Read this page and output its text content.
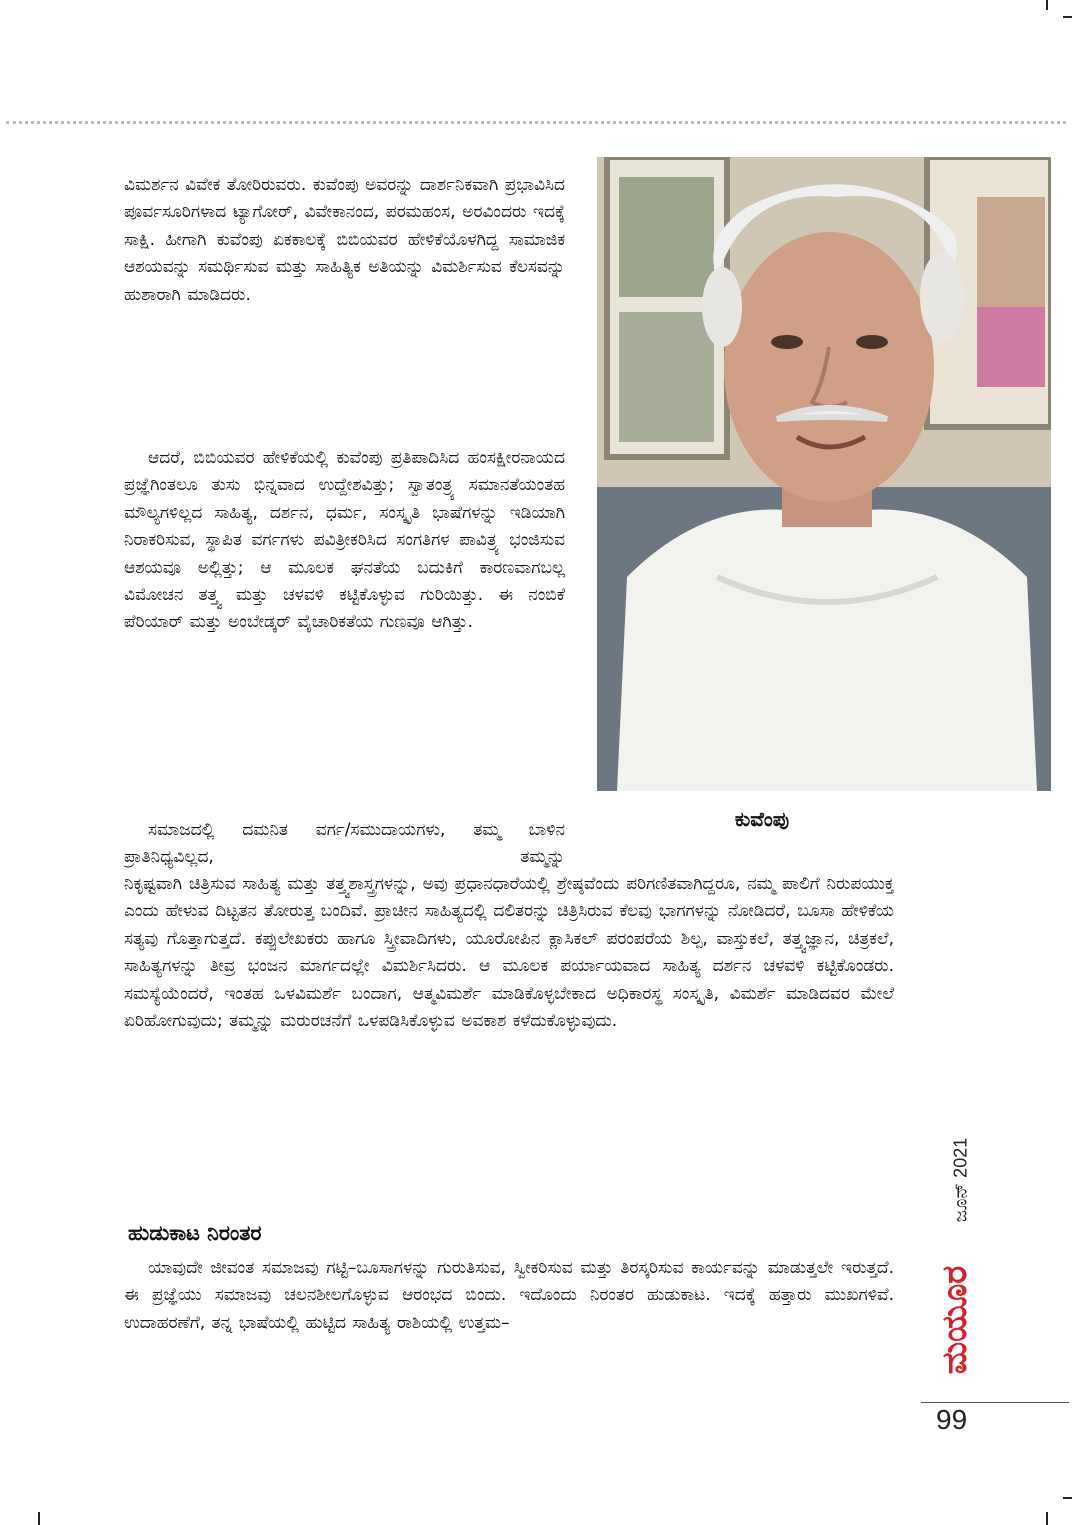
ವಿಮರ್ಶನ ವಿವೇಕ ತೋರಿರುವರು. ಕುವೆಂಪು ಅವರನ್ನು ದಾರ್ಶನಿಕವಾಗಿ ಪ್ರಭಾವಿಸಿದ ಪೂರ್ವಸೂರಿಗಳಾದ ಟ್ಯಾಗೋರ್, ವಿವೇಕಾನಂದ, ಪರಮಹಂಸ, ಅರವಿಂದರು ಇದಕ್ಕೆ ಸಾಕ್ಷಿ. ಹೀಗಾಗಿ ಕುವೆಂಪು ಏಕಕಾಲಕ್ಕೆ ಬಿಬಿಯವರ ಹೇಳಿಕೆಯೊಳಗಿದ್ದ ಸಾಮಾಜಿಕ ಆಶಯವನ್ನು ಸಮರ್ಥಿಸುವ ಮತ್ತು ಸಾಹಿತ್ಯಿಕ ಅತಿಯನ್ನು ವಿಮರ್ಶಿಸುವ ಕೆಲಸವನ್ನು ಹುಶಾರಾಗಿ ಮಾಡಿದರು.

ಆದರೆ, ಬಿಬಿಯವರ ಹೇಳಿಕೆಯಲ್ಲಿ ಕುವೆಂಪು ಪ್ರತಿಪಾದಿಸಿದ ಹಂಸಕ್ಷೀರನಾಯದ ಪ್ರಜ್ಞೆಗಿಂತಲೂ ತುಸು ಭಿನ್ನವಾದ ಉದ್ದೇಶವಿತ್ತು; ಸ್ವಾತಂತ್ರ್ಯ ಸಮಾನತೆಯಂತಹ ಮೌಲ್ಯಗಳಿಲ್ಲದ ಸಾಹಿತ್ಯ, ದರ್ಶನ, ಧರ್ಮ, ಸಂಸ್ಕೃತಿ ಭಾಷೆಗಳನ್ನು ಇಡಿಯಾಗಿ ನಿರಾಕರಿಸುವ, ಸ್ಥಾಪಿತ ವರ್ಗಗಳು ಪವಿತ್ರೀಕರಿಸಿದ ಸಂಗತಿಗಳ ಪಾವಿತ್ರ್ಯ ಭಂಜಿಸುವ ಆಶಯವೂ ಅಲ್ಲಿತ್ತು; ಆ ಮೂಲಕ ಘನತೆಯ ಬದುಕಿಗೆ ಕಾರಣವಾಗಬಲ್ಲ ವಿಮೋಚನ ತತ್ತ್ವ ಮತ್ತು ಚಳವಳಿ ಕಟ್ಟಿಕೊಳ್ಳುವ ಗುರಿಯಿತ್ತು. ಈ ನಂಬಿಕೆ ಪೆರಿಯಾರ್ ಮತ್ತು ಅಂಬೇಡ್ಕರ್ ವೈಚಾರಿಕತೆಯ ಗುಣವೂ ಆಗಿತ್ತು.

ಸಮಾಜದಲ್ಲಿ ದಮನಿತ ವರ್ಗ/ಸಮುದಾಯಗಳು, ತಮ್ಮ ಬಾಳಿನ ಪ್ರಾತಿನಿಧ್ಯವಿಲ್ಲದ, ತಮ್ಮನ್ನು

ನಿಕೃಷ್ಟವಾಗಿ ಚಿತ್ರಿಸುವ ಸಾಹಿತ್ಯ ಮತ್ತು ತತ್ತ್ವಶಾಸ್ತ್ರಗಳನ್ನು, ಅವು ಪ್ರಧಾನಧಾರೆಯಲ್ಲಿ ಶ್ರೇಷ್ಠವೆಂದು ಪರಿಗಣಿತವಾಗಿದ್ದರೂ, ನಮ್ಮ ಪಾಲಿಗೆ ನಿರುಪಯುಕ್ತ ಎಂದು ಹೇಳುವ ದಿಟ್ಟತನ ತೋರುತ್ತ ಬಂದಿವೆ. ಪ್ರಾಚೀನ ಸಾಹಿತ್ಯದಲ್ಲಿ ದಲಿತರನ್ನು ಚಿತ್ರಿಸಿರುವ ಕೆಲವು ಭಾಗಗಳನ್ನು ನೋಡಿದರೆ, ಬೂಸಾ ಹೇಳಿಕೆಯ ಸತ್ಯವು ಗೊತ್ತಾಗುತ್ತದೆ. ಕಪ್ಪುಲೇಖಕರು ಹಾಗೂ ಸ್ತ್ರೀವಾದಿಗಳು, ಯೂರೋಪಿನ ಕ್ಲಾಸಿಕಲ್ ಪರಂಪರೆಯ ಶಿಲ್ಪ, ವಾಸ್ತುಕಲೆ, ತತ್ತ್ವಜ್ಞಾನ, ಚಿತ್ರಕಲೆ, ಸಾಹಿತ್ಯಗಳನ್ನು ತೀವ್ರ ಭಂಜನ ಮಾರ್ಗದಲ್ಲೇ ವಿಮರ್ಶಿಸಿದರು. ಆ ಮೂಲಕ ಪರ್ಯಾಯವಾದ ಸಾಹಿತ್ಯ ದರ್ಶನ ಚಳವಳಿ ಕಟ್ಟಿಕೊಂಡರು. ಸಮಸ್ಯೆಯೆಂದರೆ, ಇಂತಹ ಒಳವಿಮರ್ಶೆ ಬಂದಾಗ, ಆತ್ಮವಿಮರ್ಶೆ ಮಾಡಿಕೊಳ್ಳಬೇಕಾದ ಅಧಿಕಾರಸ್ಥ ಸಂಸ್ಕೃತಿ, ವಿಮರ್ಶೆ ಮಾಡಿದವರ ಮೇಲೆ ಏರಿಹೋಗುವುದು; ತಮ್ಮನ್ನು ಮರುರಚನೆಗೆ ಒಳಪಡಿಸಿಕೊಳ್ಳುವ ಅವಕಾಶ ಕಳೆದುಕೊಳ್ಳುವುದು.

ಕುವೆಂಪು

ಹುಡುಕಾಟ ನಿರಂತರ

ಯಾವುದೇ ಜೀವಂತ ಸಮಾಜವು ಗಟ್ಟಿ–ಬೂಸಾಗಳನ್ನು ಗುರುತಿಸುವ, ಸ್ವೀಕರಿಸುವ ಮತ್ತು ತಿರಸ್ಕರಿಸುವ ಕಾರ್ಯವನ್ನು ಮಾಡುತ್ತಲೇ ಇರುತ್ತದೆ. ಈ ಪ್ರಜ್ಞೆಯು ಸಮಾಜವು ಚಲನಶೀಲಗೊಳ್ಳುವ ಆರಂಭದ ಬಿಂದು. ಇದೊಂದು ನಿರಂತರ ಹುಡುಕಾಟ. ಇದಕ್ಕೆ ಹತ್ತಾರು ಮುಖಗಳಿವೆ. ಉದಾಹರಣೆಗೆ, ತನ್ನ ಭಾಷೆಯಲ್ಲಿ ಹುಟ್ಟಿದ ಸಾಹಿತ್ಯ ರಾಶಿಯಲ್ಲಿ ಉತ್ತಮ–

ಜೂನ್ 2021
ಮಯೂರ

99
